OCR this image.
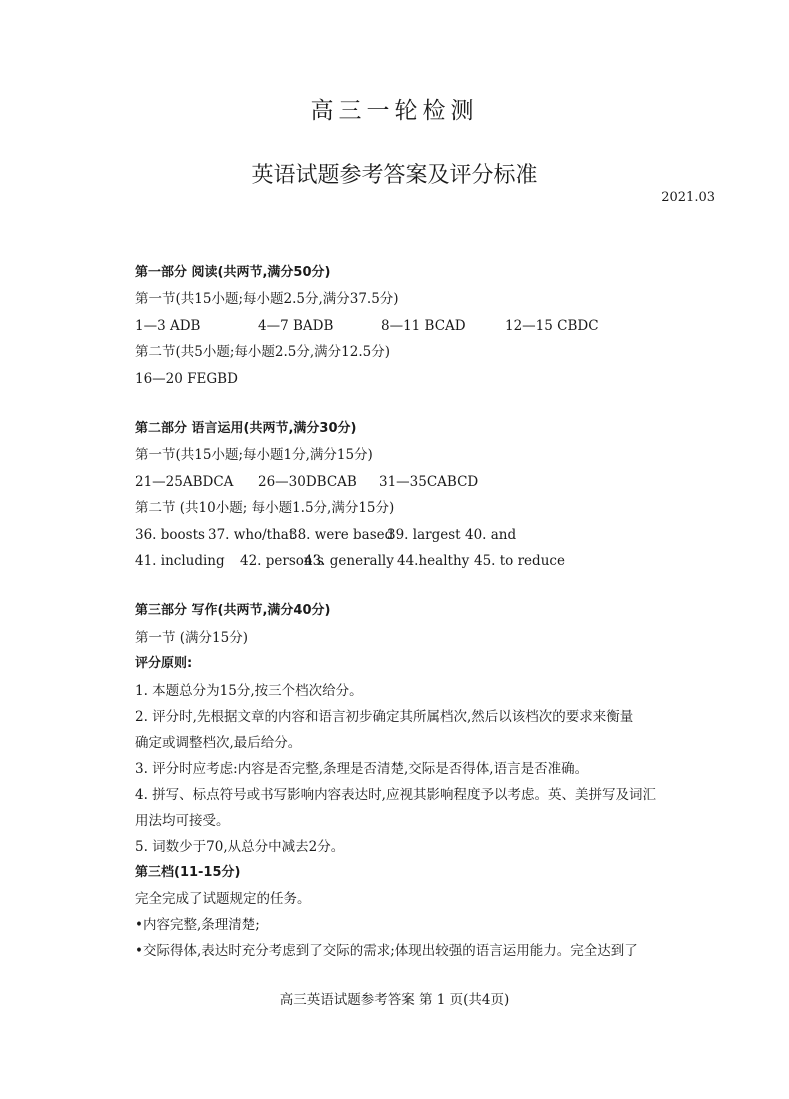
高三一轮检测
英语试题参考答案及评分标准
2021.03
第一部分 阅读(共两节,满分50分)
第一节(共15小题;每小题2.5分,满分37.5分)
1—3 ADB	4—7 BADB	8—11 BCAD	12—15 CBDC
第二节(共5小题;每小题2.5分,满分12.5分)
16—20 FEGBD
第二部分 语言运用(共两节,满分30分)
第一节(共15小题;每小题1分,满分15分)
21—25ABDCA 26—30DBCAB 31—35CABCD
第二节 (共10小题; 每小题1.5分,满分15分)
36. boosts 37. who/that
38. were based
39. largest 40. and
41. including 42. person’s
43. generally 44.healthy 45. to reduce
第三部分 写作(共两节,满分40分)
第一节 (满分15分)
评分原则:
1. 本题总分为15分,按三个档次给分。
2. 评分时,先根据文章的内容和语言初步确定其所属档次,然后以该档次的要求来衡量
确定或调整档次,最后给分。
3. 评分时应考虑:内容是否完整,条理是否清楚,交际是否得体,语言是否准确。
4. 拼写、标点符号或书写影响内容表达时,应视其影响程度予以考虑。英、美拼写及词汇
用法均可接受。
5. 词数少于70,从总分中减去2分。
第三档(11-15分)
完全完成了试题规定的任务。
•内容完整,条理清楚;
•交际得体,表达时充分考虑到了交际的需求;体现出较强的语言运用能力。完全达到了
高三英语试题参考答案 第 1 页(共4页)
